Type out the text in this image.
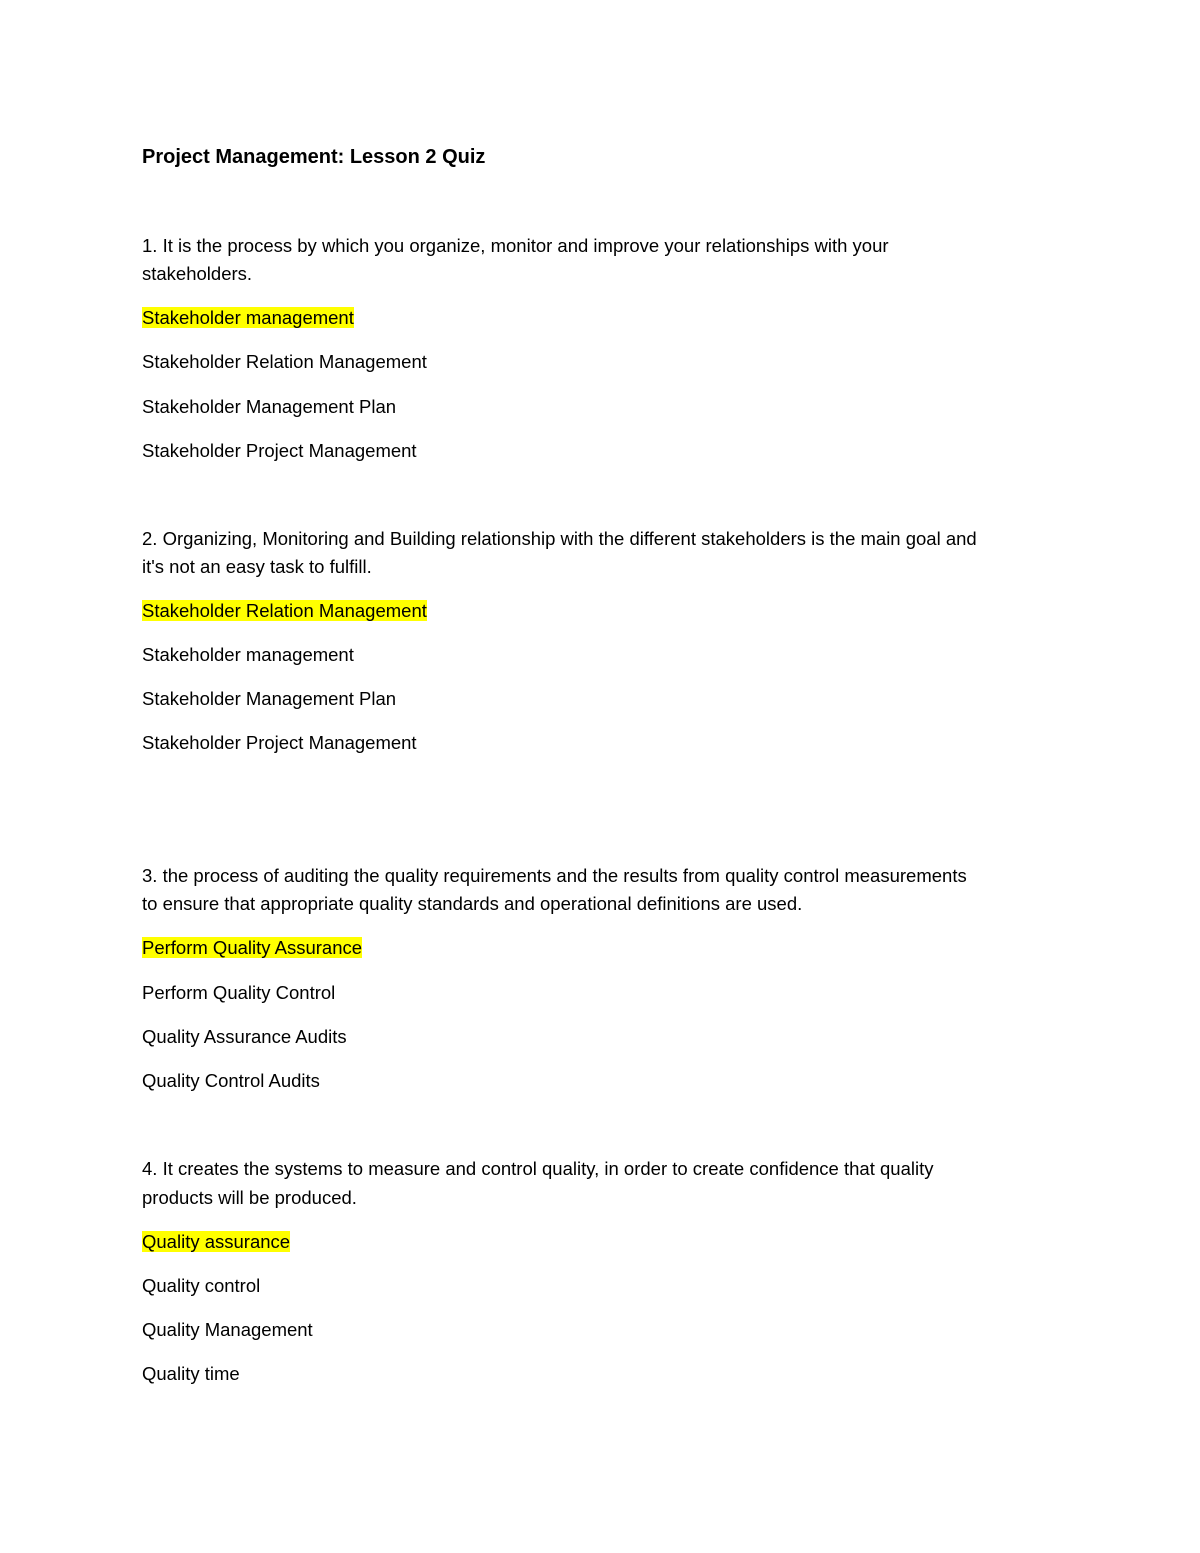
Project Management: Lesson 2 Quiz
1. It is the process by which you organize, monitor and improve your relationships with your
stakeholders.
Stakeholder management
Stakeholder Relation Management
Stakeholder Management Plan
Stakeholder Project Management
2. Organizing, Monitoring and Building relationship with the different stakeholders is the main goal and
it's not an easy task to fulfill.
Stakeholder Relation Management
Stakeholder management
Stakeholder Management Plan
Stakeholder Project Management
3. the process of auditing the quality requirements and the results from quality control measurements
to ensure that appropriate quality standards and operational definitions are used.
Perform Quality Assurance
Perform Quality Control
Quality Assurance Audits
Quality Control Audits
4. It creates the systems to measure and control quality, in order to create confidence that quality
products will be produced.
Quality assurance
Quality control
Quality Management
Quality time
